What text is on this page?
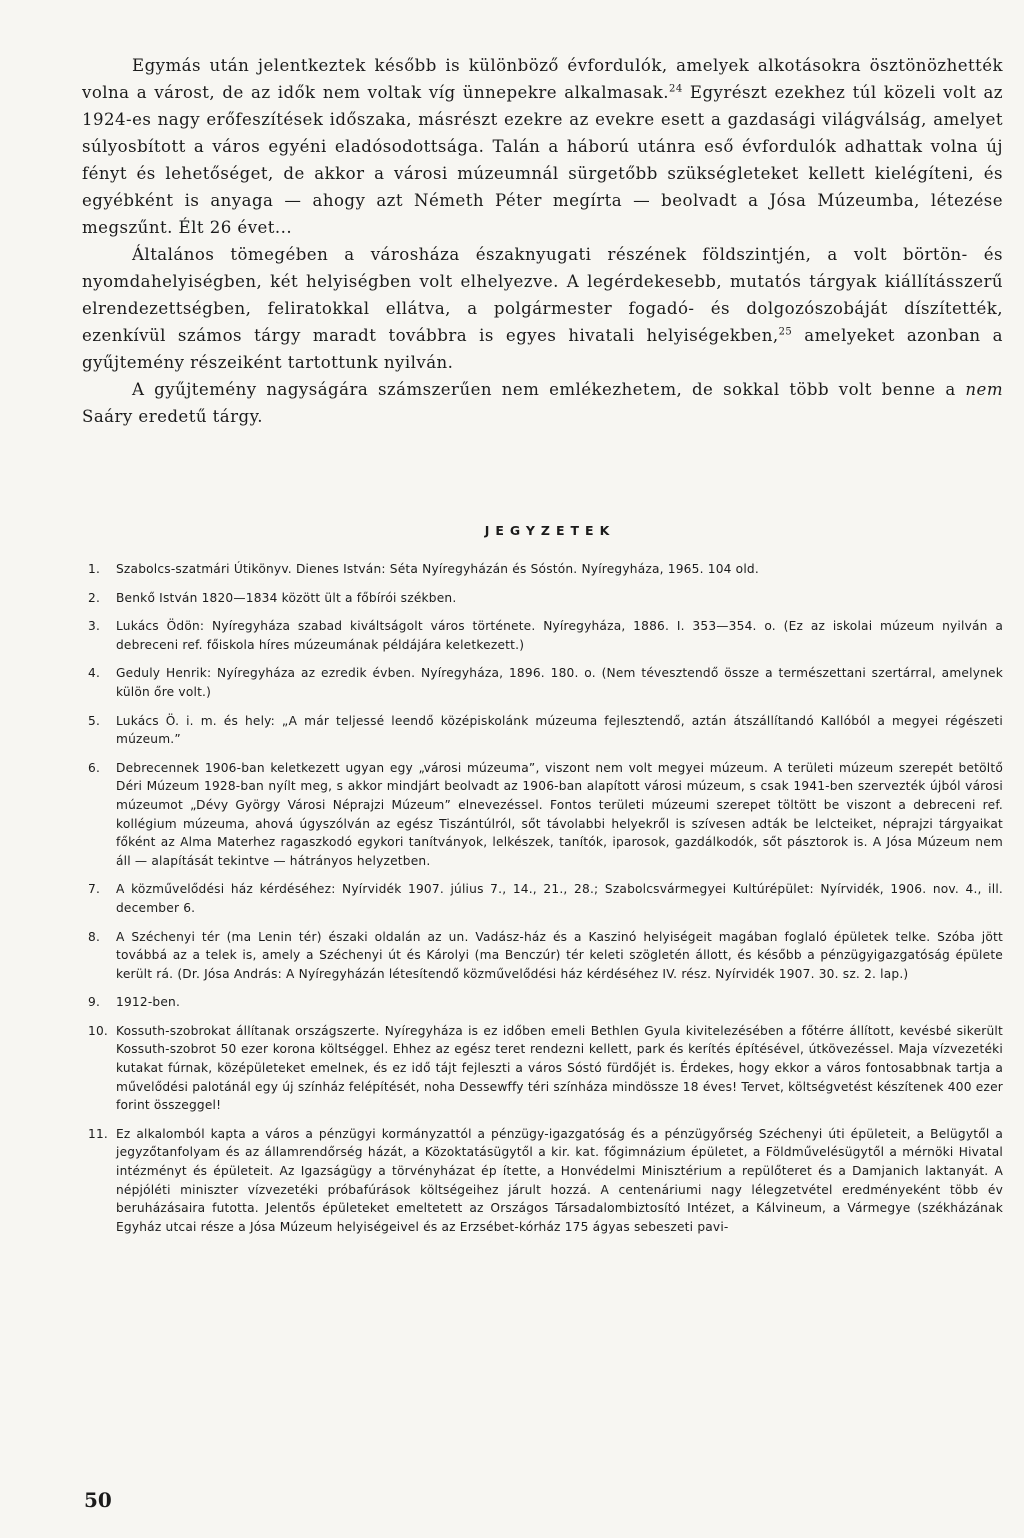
Egymás után jelentkeztek később is különböző évfordulók, amelyek alkotásokra ösztönözhették volna a várost, de az idők nem voltak víg ünnepekre alkalmasak.$^{24}$ Egyrészt ezekhez túl közeli volt az 1924-es nagy erőfeszítések időszaka, másrészt ezekre az evekre esett a gazdasági világválság, amelyet súlyosbított a város egyéni eladósodottsága. Talán a háború utánra eső évfordulók adhattak volna új fényt és lehetőséget, de akkor a városi múzeumnál sürgetőbb szükségleteket kellett kielégíteni, és egyébként is anyaga — ahogy azt Németh Péter megírta — beolvadt a Jósa Múzeumba, létezése megszűnt. Élt 26 évet...

Általános tömegében a városháza északnyugati részének földszintjén, a volt börtön- és nyomdahelyiségben, két helyiségben volt elhelyezve. A legérdekesebb, mutatós tárgyak kiállításszerű elrendezettségben, feliratokkal ellátva, a polgármester fogadó- és dolgozószobáját díszítették, ezenkívül számos tárgy maradt továbbra is egyes hivatali helyiségekben,$^{25}$ amelyeket azonban a gyűjtemény részeiként tartottunk nyilván.

A gyűjtemény nagyságára számszerűen nem emlékezhetem, de sokkal több volt benne a nem Saáry eredetű tárgy.

JEGYZETEK
1. Szabolcs-szatmári Útikönyv. Dienes István: Séta Nyíregyházán és Sóstón. Nyíregyháza, 1965. 104 old.
2. Benkő István 1820—1834 között ült a főbírói székben.
3. Lukács Ödön: Nyíregyháza szabad kiváltságolt város története. Nyíregyháza, 1886. I. 353—354. o. (Ez az iskolai múzeum nyilván a debreceni ref. főiskola híres múzeumának példájára keletkezett.)
4. Geduly Henrik: Nyíregyháza az ezredik évben. Nyíregyháza, 1896. 180. o. (Nem tévesztendő össze a természettani szertárral, amelynek külön őre volt.)
5. Lukács Ö. i. m. és hely: „A már teljessé leendő középiskolánk múzeuma fejlesztendő, aztán átszállítandó Kallóból a megyei régészeti múzeum.”
6. Debrecennek 1906-ban keletkezett ugyan egy „városi múzeuma”, viszont nem volt megyei múzeum. A területi múzeum szerepét betöltő Déri Múzeum 1928-ban nyílt meg, s akkor mindjárt beolvadt az 1906-ban alapított városi múzeum, s csak 1941-ben szervezték újból városi múzeumot „Dévy György Városi Néprajzi Múzeum” elnevezéssel. Fontos területi múzeumi szerepet töltött be viszont a debreceni ref. kollégium múzeuma, ahová úgyszólván az egész Tiszántúlról, sőt távolabbi helyekről is szívesen adták be lelcteiket, néprajzi tárgyaikat főként az Alma Materhez ragaszkodó egykori tanítványok, lelkészek, tanítók, iparosok, gazdálkodók, sőt pásztorok is. A Jósa Múzeum nem áll — alapítását tekintve — hátrányos helyzetben.
7. A közművelődési ház kérdéséhez: Nyírvidék 1907. július 7., 14., 21., 28.; Szabolcsvármegyei Kultúrépület: Nyírvidék, 1906. nov. 4., ill. december 6.
8. A Széchenyi tér (ma Lenin tér) északi oldalán az un. Vadász-ház és a Kaszinó helyiségeit magában foglaló épületek telke. Szóba jött továbbá az a telek is, amely a Széchenyi út és Károlyi (ma Benczúr) tér keleti szögletén állott, és később a pénzügyigazgatóság épülete került rá. (Dr. Jósa András: A Nyíregyházán létesítendő közművelődési ház kérdéséhez IV. rész. Nyírvidék 1907. 30. sz. 2. lap.)
9. 1912-ben.
10. Kossuth-szobrokat állítanak országszerte. Nyíregyháza is ez időben emeli Bethlen Gyula kivitelezésében a főtérre állított, kevésbé sikerült Kossuth-szobrot 50 ezer korona költséggel. Ehhez az egész teret rendezni kellett, park és kerítés építésével, útkövezéssel. Maja vízvezetéki kutakat fúrnak, középületeket emelnek, és ez idő tájt fejleszti a város Sóstó fürdőjét is. Érdekes, hogy ekkor a város fontosabbnak tartja a művelődési palotánál egy új színház felépítését, noha Dessewffy téri színháza mindössze 18 éves! Tervet, költségvetést készítenek 400 ezer forint összeggel!
11. Ez alkalomból kapta a város a pénzügyi kormányzattól a pénzügy-igazgatóság és a pénzügyőrség Széchenyi úti épületeit, a Belügytől a jegyzőtanfolyam és az államrendőrség házát, a Közoktatásügytől a kir. kat. főgimnázium épületet, a Földművelésügytől a mérnöki Hivatal intézményt és épületeit. Az Igazságügy a törvényházat ép ítette, a Honvédelmi Minisztérium a repülőteret és a Damjanich laktanyát. A népjóléti miniszter vízvezetéki próbafúrások költségeihez járult hozzá. A centenáriumi nagy lélegzetvétel eredményeként több év beruházásaira futotta. Jelentős épületeket emeltetett az Országos Társadalombiztosító Intézet, a Kálvineum, a Vármegye (székházának Egyház utcai része a Jósa Múzeum helyiségeivel és az Erzsébet-kórház 175 ágyas sebeszeti pavi-
50
